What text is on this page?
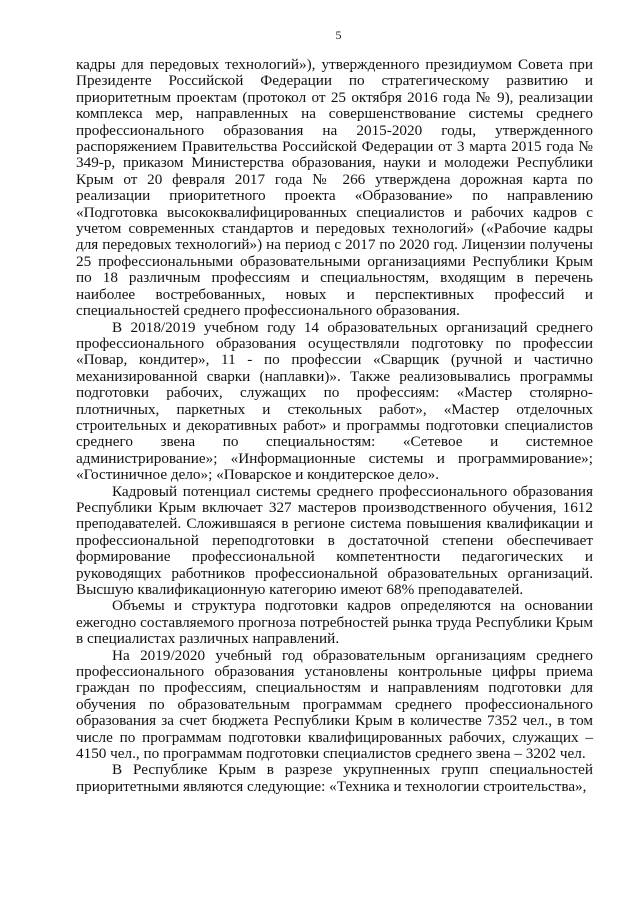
5

кадры для передовых технологий»), утвержденного президиумом Совета при Президенте Российской Федерации по стратегическому развитию и приоритетным проектам (протокол от 25 октября 2016 года № 9), реализации комплекса мер, направленных на совершенствование системы среднего профессионального образования на 2015-2020 годы, утвержденного распоряжением Правительства Российской Федерации от 3 марта 2015 года № 349-р, приказом Министерства образования, науки и молодежи Республики Крым от 20 февраля 2017 года № 266 утверждена дорожная карта по реализации приоритетного проекта «Образование» по направлению «Подготовка высококвалифицированных специалистов и рабочих кадров с учетом современных стандартов и передовых технологий» («Рабочие кадры для передовых технологий») на период с 2017 по 2020 год. Лицензии получены 25 профессиональными образовательными организациями Республики Крым по 18 различным профессиям и специальностям, входящим в перечень наиболее востребованных, новых и перспективных профессий и специальностей среднего профессионального образования.

В 2018/2019 учебном году 14 образовательных организаций среднего профессионального образования осуществляли подготовку по профессии «Повар, кондитер», 11 - по профессии «Сварщик (ручной и частично механизированной сварки (наплавки)». Также реализовывались программы подготовки рабочих, служащих по профессиям: «Мастер столярно-плотничных, паркетных и стекольных работ», «Мастер отделочных строительных и декоративных работ» и программы подготовки специалистов среднего звена по специальностям: «Сетевое и системное администрирование»; «Информационные системы и программирование»; «Гостиничное дело»; «Поварское и кондитерское дело».

Кадровый потенциал системы среднего профессионального образования Республики Крым включает 327 мастеров производственного обучения, 1612 преподавателей. Сложившаяся в регионе система повышения квалификации и профессиональной переподготовки в достаточной степени обеспечивает формирование профессиональной компетентности педагогических и руководящих работников профессиональной образовательных организаций. Высшую квалификационную категорию имеют 68% преподавателей.

Объемы и структура подготовки кадров определяются на основании ежегодно составляемого прогноза потребностей рынка труда Республики Крым в специалистах различных направлений.

На 2019/2020 учебный год образовательным организациям среднего профессионального образования установлены контрольные цифры приема граждан по профессиям, специальностям и направлениям подготовки для обучения по образовательным программам среднего профессионального образования за счет бюджета Республики Крым в количестве 7352 чел., в том числе по программам подготовки квалифицированных рабочих, служащих – 4150 чел., по программам подготовки специалистов среднего звена – 3202 чел.

В Республике Крым в разрезе укрупненных групп специальностей приоритетными являются следующие: «Техника и технологии строительства»,
